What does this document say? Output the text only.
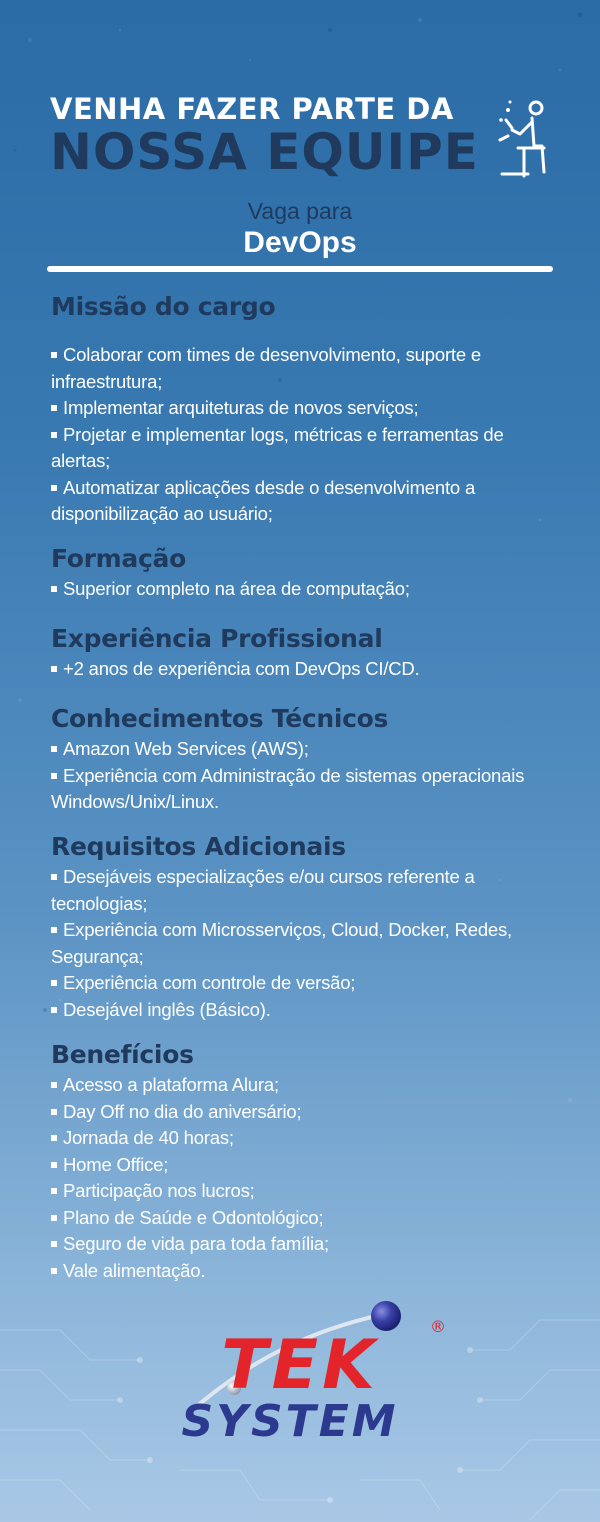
VENHA FAZER PARTE DA
NOSSA EQUIPE
Vaga para
DevOps
Missão do cargo
Colaborar com times de desenvolvimento, suporte e infraestrutura;
Implementar arquiteturas de novos serviços;
Projetar e implementar logs, métricas e ferramentas de alertas;
Automatizar aplicações desde o desenvolvimento a disponibilização ao usuário;
Formação
Superior completo na área de computação;
Experiência Profissional
+2 anos de experiência com DevOps CI/CD.
Conhecimentos Técnicos
Amazon Web Services (AWS);
Experiência com Administração de sistemas operacionais Windows/Unix/Linux.
Requisitos Adicionais
Desejáveis especializações e/ou cursos referente a tecnologias;
Experiência com Microsserviços, Cloud, Docker, Redes, Segurança;
Experiência com controle de versão;
Desejável inglês (Básico).
Benefícios
Acesso a plataforma Alura;
Day Off no dia do aniversário;
Jornada de 40 horas;
Home Office;
Participação nos lucros;
Plano de Saúde e Odontológico;
Seguro de vida para toda família;
Vale alimentação.
TEK
SYSTEM
®
